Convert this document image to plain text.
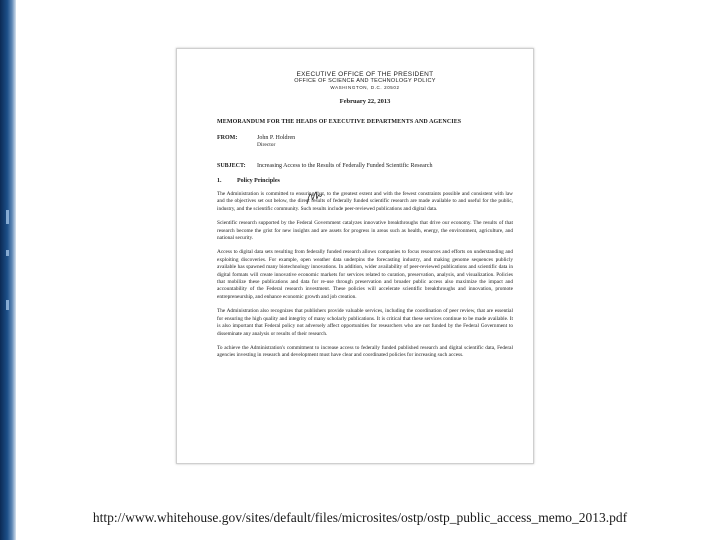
EXECUTIVE OFFICE OF THE PRESIDENT
OFFICE OF SCIENCE AND TECHNOLOGY POLICY
WASHINGTON, D.C. 20502
February 22, 2013
MEMORANDUM FOR THE HEADS OF EXECUTIVE DEPARTMENTS AND AGENCIES
FROM:	John P. Holdren
Director
SUBJECT:	Increasing Access to the Results of Federally Funded Scientific Research
1.	Policy Principles

The Administration is committed to ensuring that, to the greatest extent and with the fewest constraints possible and consistent with law and the objectives set out below, the direct results of federally funded scientific research are made available to and useful for the public, industry, and the scientific community. Such results include peer-reviewed publications and digital data.

Scientific research supported by the Federal Government catalyzes innovative breakthroughs that drive our economy. The results of that research become the grist for new insights and are assets for progress in areas such as health, energy, the environment, agriculture, and national security.

Access to digital data sets resulting from federally funded research allows companies to focus resources and efforts on understanding and exploiting discoveries. For example, open weather data underpins the forecasting industry, and making genome sequences publicly available has spawned many biotechnology innovations. In addition, wider availability of peer-reviewed publications and scientific data in digital formats will create innovative economic markets for services related to curation, preservation, analysis, and visualization. Policies that mobilize these publications and data for re-use through preservation and broader public access also maximize the impact and accountability of the Federal research investment. These policies will accelerate scientific breakthroughs and innovation, promote entrepreneurship, and enhance economic growth and job creation.

The Administration also recognizes that publishers provide valuable services, including the coordination of peer review, that are essential for ensuring the high quality and integrity of many scholarly publications. It is critical that these services continue to be made available. It is also important that Federal policy not adversely affect opportunities for researchers who are not funded by the Federal Government to disseminate any analysis or results of their research.

To achieve the Administration's commitment to increase access to federally funded published research and digital scientific data, Federal agencies investing in research and development must have clear and coordinated policies for increasing such access.

http://www.whitehouse.gov/sites/default/files/microsites/ostp/ostp_public_access_memo_2013.pdf
